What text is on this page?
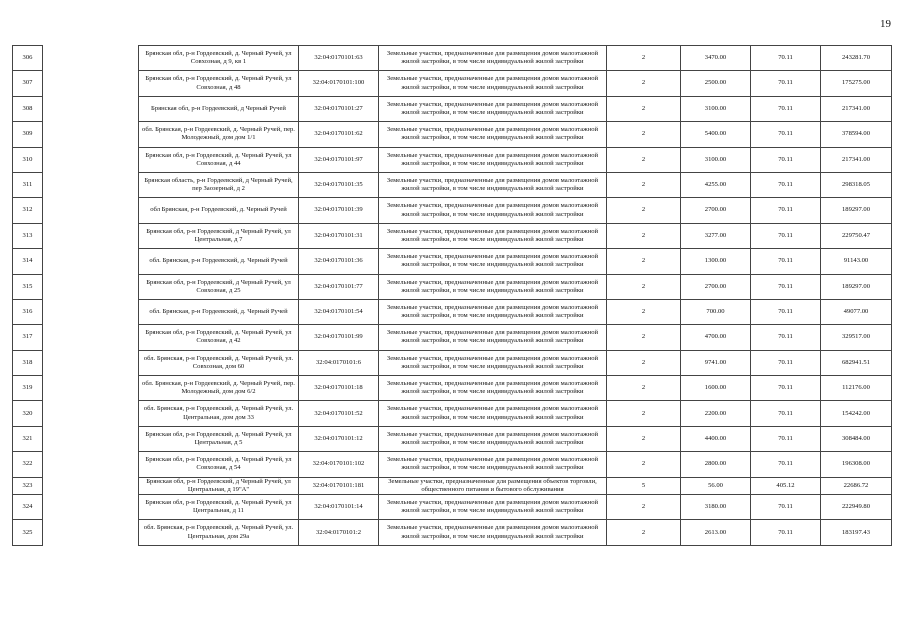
19
306		Брянская обл, р-н Гордеевский, д. Черный Ручей, ул Совхозная, д 9, кв 1	32:04:0170101:63	Земельные участки, предназначенные для размещения домов малоэтажной жилой застройки, в том числе индивидуальной жилой застройки	2	3470.00	70.11	243281.70
307		Брянская обл, р-н Гордеевский, д. Черный Ручей, ул Совхозная, д 48	32:04:0170101:100	Земельные участки, предназначенные для размещения домов малоэтажной жилой застройки, в том числе индивидуальной жилой застройки	2	2500.00	70.11	175275.00
308		Брянская обл, р-н Гордеевский, д Черный Ручей	32:04:0170101:27	Земельные участки, предназначенные для размещения домов малоэтажной жилой застройки, в том числе индивидуальной жилой застройки	2	3100.00	70.11	217341.00
309		обл. Брянская, р-н Гордеевский, д. Черный Ручей, пер. Молодежный, дом дом 1/1	32:04:0170101:62	Земельные участки, предназначенные для размещения домов малоэтажной жилой застройки, в том числе индивидуальной жилой застройки	2	5400.00	70.11	378594.00
310		Брянская обл, р-н Гордеевский, д. Черный Ручей, ул Совхозная, д 44	32:04:0170101:97	Земельные участки, предназначенные для размещения домов малоэтажной жилой застройки, в том числе индивидуальной жилой застройки	2	3100.00	70.11	217341.00
311		Брянская область, р-н Гордеевский, д Черный Ручей, пер Заозерный, д 2	32:04:0170101:35	Земельные участки, предназначенные для размещения домов малоэтажной жилой застройки, в том числе индивидуальной жилой застройки	2	4255.00	70.11	298318.05
312		обл Брянская, р-н Гордеевский, д. Черный Ручей	32:04:0170101:39	Земельные участки, предназначенные для размещения домов малоэтажной жилой застройки, в том числе индивидуальной жилой застройки	2	2700.00	70.11	189297.00
313		Брянская обл, р-н Гордеевский, д Черный Ручей, ул Центральная, д 7	32:04:0170101:31	Земельные участки, предназначенные для размещения домов малоэтажной жилой застройки, в том числе индивидуальной жилой застройки	2	3277.00	70.11	229750.47
314		обл. Брянская, р-н Гордеевский, д. Черный Ручей	32:04:0170101:36	Земельные участки, предназначенные для размещения домов малоэтажной жилой застройки, в том числе индивидуальной жилой застройки	2	1300.00	70.11	91143.00
315		Брянская обл, р-н Гордеевский, д Черный Ручей, ул Совхозная, д 25	32:04:0170101:77	Земельные участки, предназначенные для размещения домов малоэтажной жилой застройки, в том числе индивидуальной жилой застройки	2	2700.00	70.11	189297.00
316		обл. Брянская, р-н Гордеевский, д. Черный Ручей	32:04:0170101:54	Земельные участки, предназначенные для размещения домов малоэтажной жилой застройки, в том числе индивидуальной жилой застройки	2	700.00	70.11	49077.00
317		Брянская обл, р-н Гордеевский, д. Черный Ручей, ул Совхозная, д 42	32:04:0170101:99	Земельные участки, предназначенные для размещения домов малоэтажной жилой застройки, в том числе индивидуальной жилой застройки	2	4700.00	70.11	329517.00
318		обл. Брянская, р-н Гордеевский, д. Черный Ручей, ул. Совхозная, дом 60	32:04:0170101:6	Земельные участки, предназначенные для размещения домов малоэтажной жилой застройки, в том числе индивидуальной жилой застройки	2	9741.00	70.11	682941.51
319		обл. Брянская, р-н Гордеевский, д. Черный Ручей, пер. Молодежный, дом дом 6/2	32:04:0170101:18	Земельные участки, предназначенные для размещения домов малоэтажной жилой застройки, в том числе индивидуальной жилой застройки	2	1600.00	70.11	112176.00
320		обл. Брянская, р-н Гордеевский, д. Черный Ручей, ул. Центральная, дом дом 33	32:04:0170101:52	Земельные участки, предназначенные для размещения домов малоэтажной жилой застройки, в том числе индивидуальной жилой застройки	2	2200.00	70.11	154242.00
321		Брянская обл, р-н Гордеевский, д. Черный Ручей, ул Центральная, д 5	32:04:0170101:12	Земельные участки, предназначенные для размещения домов малоэтажной жилой застройки, в том числе индивидуальной жилой застройки	2	4400.00	70.11	308484.00
322		Брянская обл, р-н Гордеевский, д. Черный Ручей, ул Совхозная, д 54	32:04:0170101:102	Земельные участки, предназначенные для размещения домов малоэтажной жилой застройки, в том числе индивидуальной жилой застройки	2	2800.00	70.11	196308.00
323		Брянская обл, р-н Гордеевский, д Черный Ручей, ул Центральная, д 19"А"	32:04:0170101:181	Земельные участки, предназначенные для размещения объектов торговли, общественного питания и бытового обслуживания	5	56.00	405.12	22686.72
324		Брянская обл, р-н Гордеевский, д. Черный Ручей, ул Центральная, д 11	32:04:0170101:14	Земельные участки, предназначенные для размещения домов малоэтажной жилой застройки, в том числе индивидуальной жилой застройки	2	3180.00	70.11	222949.80
325		обл. Брянская, р-н Гордеевский, д. Черный Ручей, ул. Центральная, дом 29а	32:04:0170101:2	Земельные участки, предназначенные для размещения домов малоэтажной жилой застройки, в том числе индивидуальной жилой застройки	2	2613.00	70.11	183197.43
